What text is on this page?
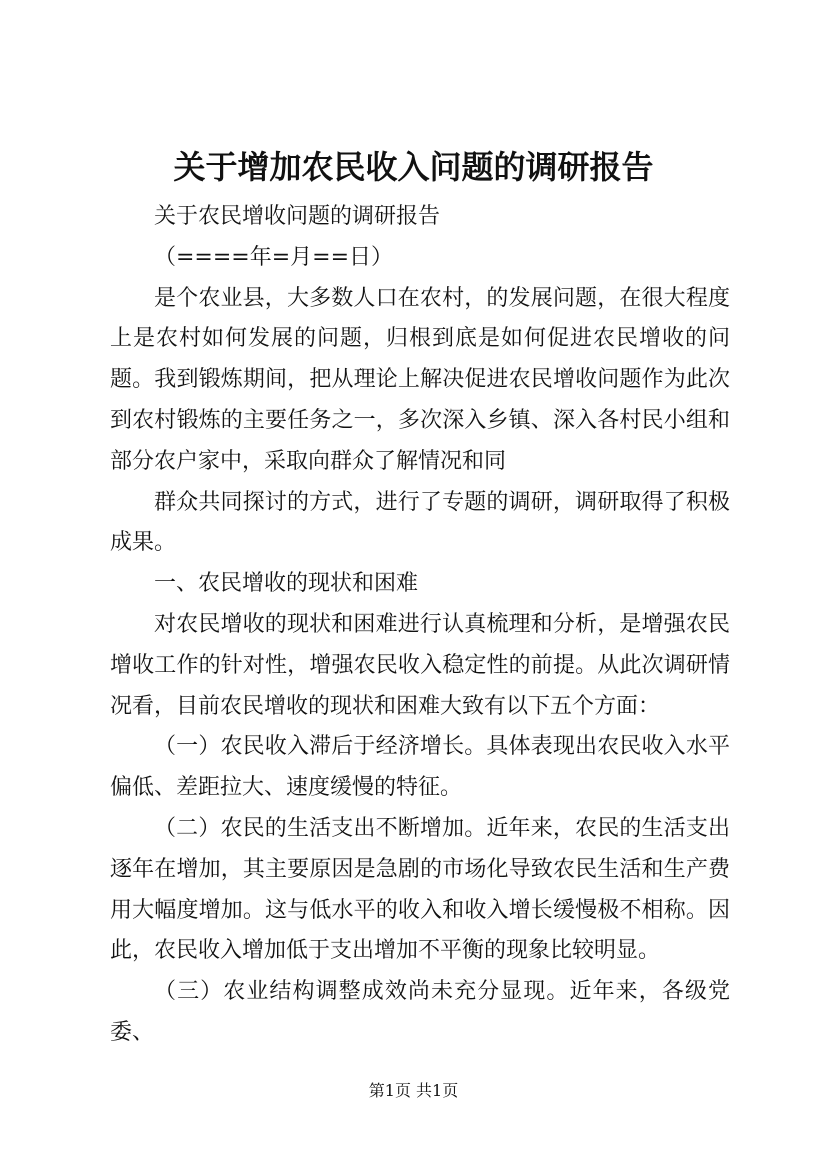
关于增加农民收入问题的调研报告

关于农民增收问题的调研报告

（====年=月==日）

是个农业县，大多数人口在农村，的发展问题，在很大程度上是农村如何发展的问题，归根到底是如何促进农民增收的问题。我到锻炼期间，把从理论上解决促进农民增收问题作为此次到农村锻炼的主要任务之一，多次深入乡镇、深入各村民小组和部分农户家中，采取向群众了解情况和同

群众共同探讨的方式，进行了专题的调研，调研取得了积极成果。

一、农民增收的现状和困难

对农民增收的现状和困难进行认真梳理和分析，是增强农民增收工作的针对性，增强农民收入稳定性的前提。从此次调研情况看，目前农民增收的现状和困难大致有以下五个方面：

（一）农民收入滞后于经济增长。具体表现出农民收入水平偏低、差距拉大、速度缓慢的特征。

（二）农民的生活支出不断增加。近年来，农民的生活支出逐年在增加，其主要原因是急剧的市场化导致农民生活和生产费用大幅度增加。这与低水平的收入和收入增长缓慢极不相称。因此，农民收入增加低于支出增加不平衡的现象比较明显。

（三）农业结构调整成效尚未充分显现。近年来，各级党委、

第1页 共1页
